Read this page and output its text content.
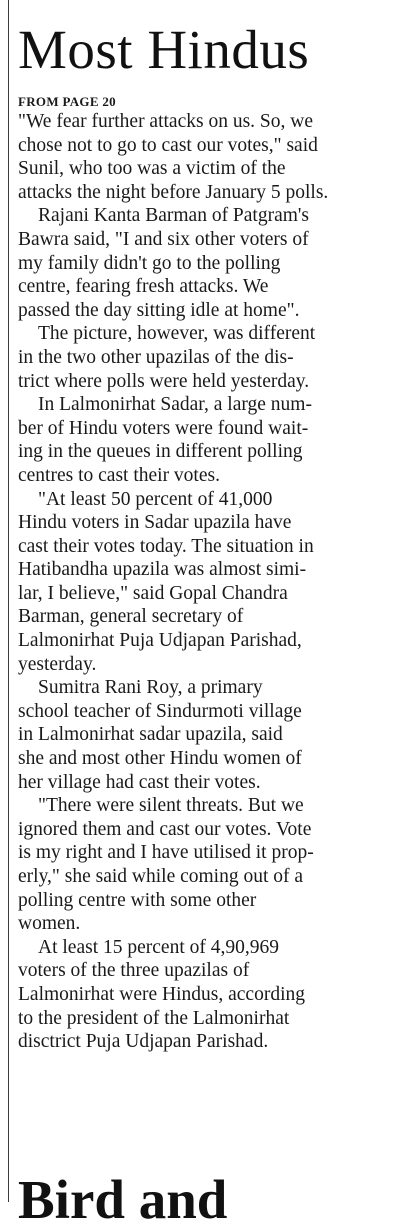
Most Hindus
FROM PAGE 20
"We fear further attacks on us. So, we
chose not to go to cast our votes," said
Sunil, who too was a victim of the
attacks the night before January 5 polls.
Rajani Kanta Barman of Patgram's
Bawra said, "I and six other voters of
my family didn't go to the polling
centre, fearing fresh attacks. We
passed the day sitting idle at home".
The picture, however, was different
in the two other upazilas of the dis-
trict where polls were held yesterday.
In Lalmonirhat Sadar, a large num-
ber of Hindu voters were found wait-
ing in the queues in different polling
centres to cast their votes.
"At least 50 percent of 41,000
Hindu voters in Sadar upazila have
cast their votes today. The situation in
Hatibandha upazila was almost simi-
lar, I believe," said Gopal Chandra
Barman, general secretary of
Lalmonirhat Puja Udjapan Parishad,
yesterday.
Sumitra Rani Roy, a primary
school teacher of Sindurmoti village
in Lalmonirhat sadar upazila, said
she and most other Hindu women of
her village had cast their votes.
"There were silent threats. But we
ignored them and cast our votes. Vote
is my right and I have utilised it prop-
erly," she said while coming out of a
polling centre with some other
women.
At least 15 percent of 4,90,969
voters of the three upazilas of
Lalmonirhat were Hindus, according
to the president of the Lalmonirhat
disctrict Puja Udjapan Parishad.
Bird and
